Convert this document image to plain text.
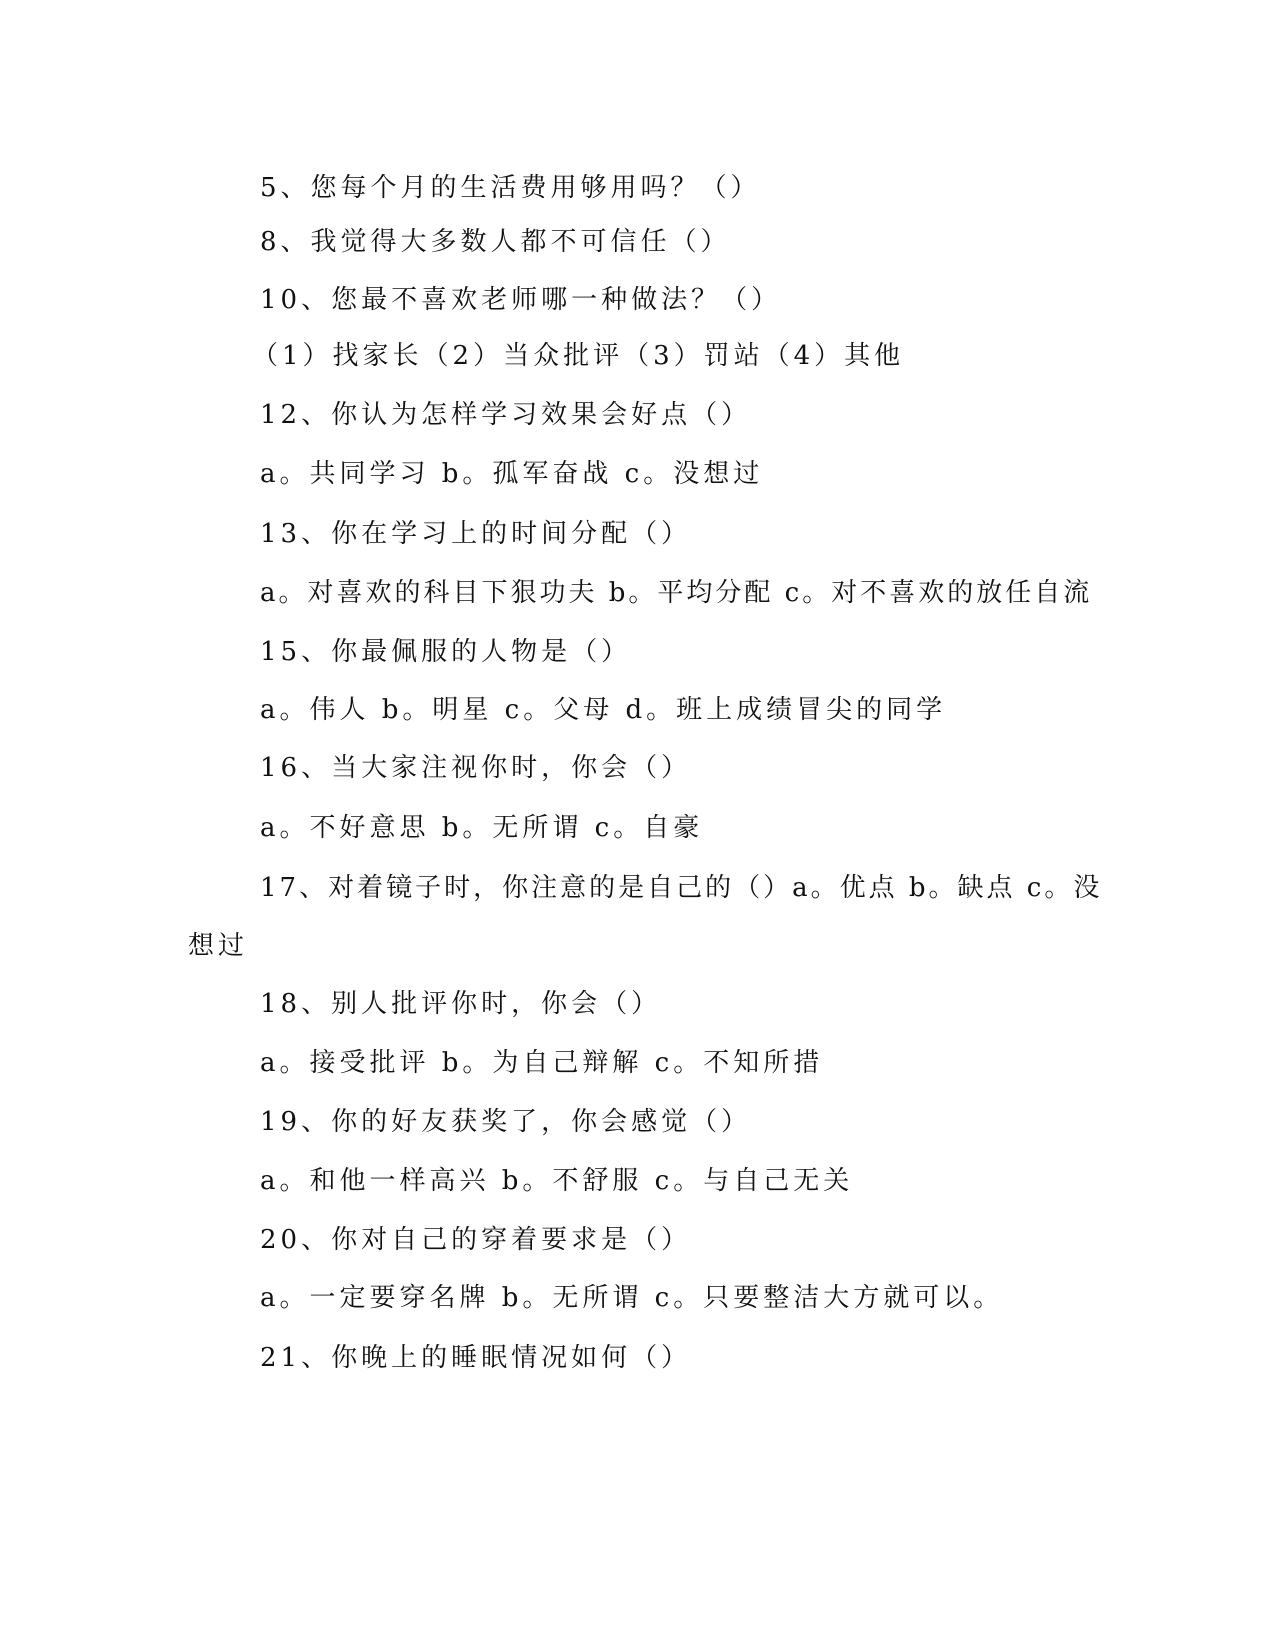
5、您每个月的生活费用够用吗？（）
8、我觉得大多数人都不可信任（）
10、您最不喜欢老师哪一种做法？（）
（1）找家长（2）当众批评（3）罚站（4）其他
12、你认为怎样学习效果会好点（）
a。共同学习 b。孤军奋战 c。没想过
13、你在学习上的时间分配（）
a。对喜欢的科目下狠功夫 b。平均分配 c。对不喜欢的放任自流
15、你最佩服的人物是（）
a。伟人 b。明星 c。父母 d。班上成绩冒尖的同学
16、当大家注视你时，你会（）
a。不好意思 b。无所谓 c。自豪
17、对着镜子时，你注意的是自己的（）a。优点 b。缺点 c。没
想过
18、别人批评你时，你会（）
a。接受批评 b。为自己辩解 c。不知所措
19、你的好友获奖了，你会感觉（）
a。和他一样高兴 b。不舒服 c。与自己无关
20、你对自己的穿着要求是（）
a。一定要穿名牌 b。无所谓 c。只要整洁大方就可以。
21、你晚上的睡眠情况如何（）
